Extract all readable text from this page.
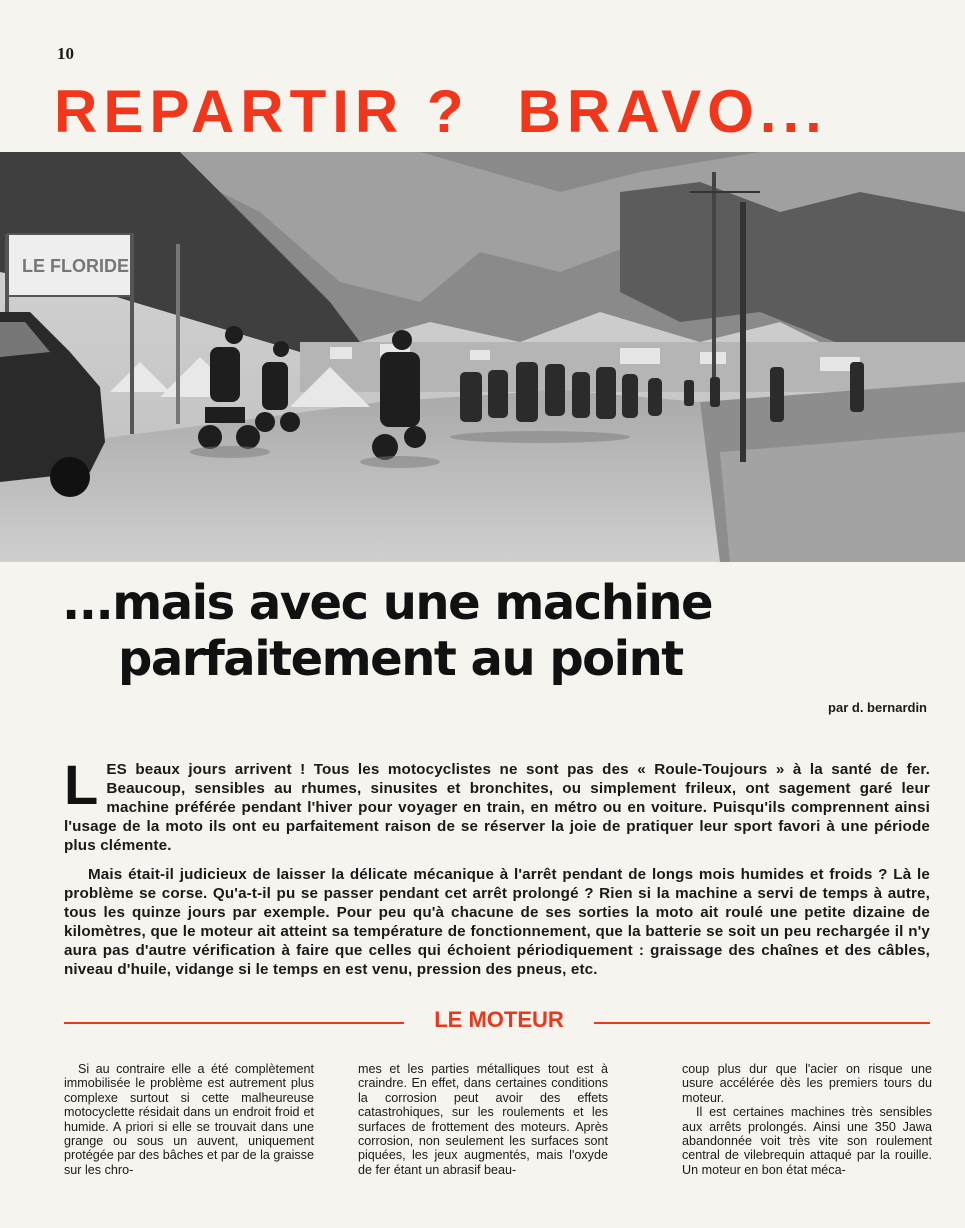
10
REPARTIR ? BRAVO...
LE FLORIDE
...mais avec une machine
parfaitement au point
par d. bernardin

LES beaux jours arrivent ! Tous les motocyclistes ne sont pas des « Roule-Toujours » à la santé de fer. Beaucoup, sensibles au rhumes, sinusites et bronchites, ou simplement frileux, ont sagement garé leur machine préférée pendant l'hiver pour voyager en train, en métro ou en voiture. Puisqu'ils comprennent ainsi l'usage de la moto ils ont eu parfaitement raison de se réserver la joie de pratiquer leur sport favori à une période plus clémente.

Mais était-il judicieux de laisser la délicate mécanique à l'arrêt pendant de longs mois humides et froids ? Là le problème se corse. Qu'a-t-il pu se passer pendant cet arrêt prolongé ? Rien si la machine a servi de temps à autre, tous les quinze jours par exemple. Pour peu qu'à chacune de ses sorties la moto ait roulé une petite dizaine de kilomètres, que le moteur ait atteint sa température de fonctionnement, que la batterie se soit un peu rechargée il n'y aura pas d'autre vérification à faire que celles qui échoient périodiquement : graissage des chaînes et des câbles, niveau d'huile, vidange si le temps en est venu, pression des pneus, etc.

LE MOTEUR

Si au contraire elle a été complètement immobilisée le problème est autrement plus complexe surtout si cette malheureuse motocyclette résidait dans un endroit froid et humide. A priori si elle se trouvait dans une grange ou sous un auvent, uniquement protégée par des bâches et par de la graisse sur les chro-

mes et les parties métalliques tout est à craindre. En effet, dans certaines conditions la corrosion peut avoir des effets catastrohiques, sur les roulements et les surfaces de frottement des moteurs. Après corrosion, non seulement les surfaces sont piquées, les jeux augmentés, mais l'oxyde de fer étant un abrasif beau-

coup plus dur que l'acier on risque une usure accélérée dès les premiers tours du moteur.

Il est certaines machines très sensibles aux arrêts prolongés. Ainsi une 350 Jawa abandonnée voit très vite son roulement central de vilebrequin attaqué par la rouille. Un moteur en bon état méca-
